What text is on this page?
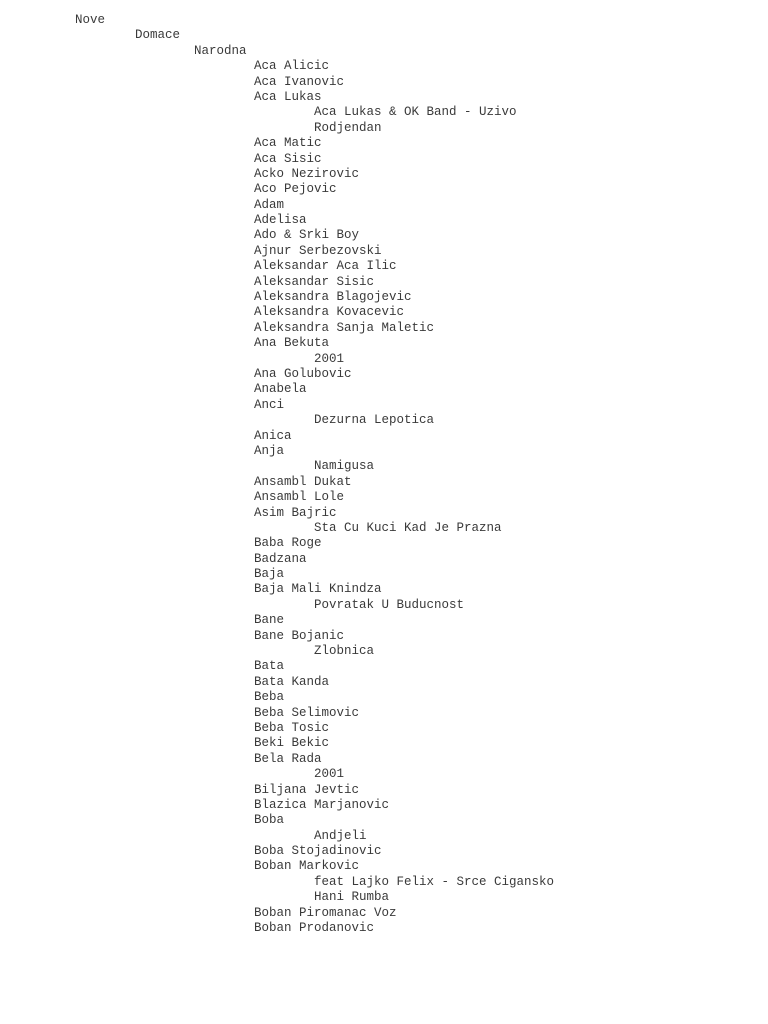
Nove
Domace
Narodna
Aca Alicic
Aca Ivanovic
Aca Lukas
Aca Lukas & OK Band - Uzivo
Rodjendan
Aca Matic
Aca Sisic
Acko Nezirovic
Aco Pejovic
Adam
Adelisa
Ado & Srki Boy
Ajnur Serbezovski
Aleksandar Aca Ilic
Aleksandar Sisic
Aleksandra Blagojevic
Aleksandra Kovacevic
Aleksandra Sanja Maletic
Ana Bekuta
2001
Ana Golubovic
Anabela
Anci
Dezurna Lepotica
Anica
Anja
Namigusa
Ansambl Dukat
Ansambl Lole
Asim Bajric
Sta Cu Kuci Kad Je Prazna
Baba Roge
Badzana
Baja
Baja Mali Knindza
Povratak U Buducnost
Bane
Bane Bojanic
Zlobnica
Bata
Bata Kanda
Beba
Beba Selimovic
Beba Tosic
Beki Bekic
Bela Rada
2001
Biljana Jevtic
Blazica Marjanovic
Boba
Andjeli
Boba Stojadinovic
Boban Markovic
feat Lajko Felix - Srce Cigansko
Hani Rumba
Boban Piromanac Voz
Boban Prodanovic
